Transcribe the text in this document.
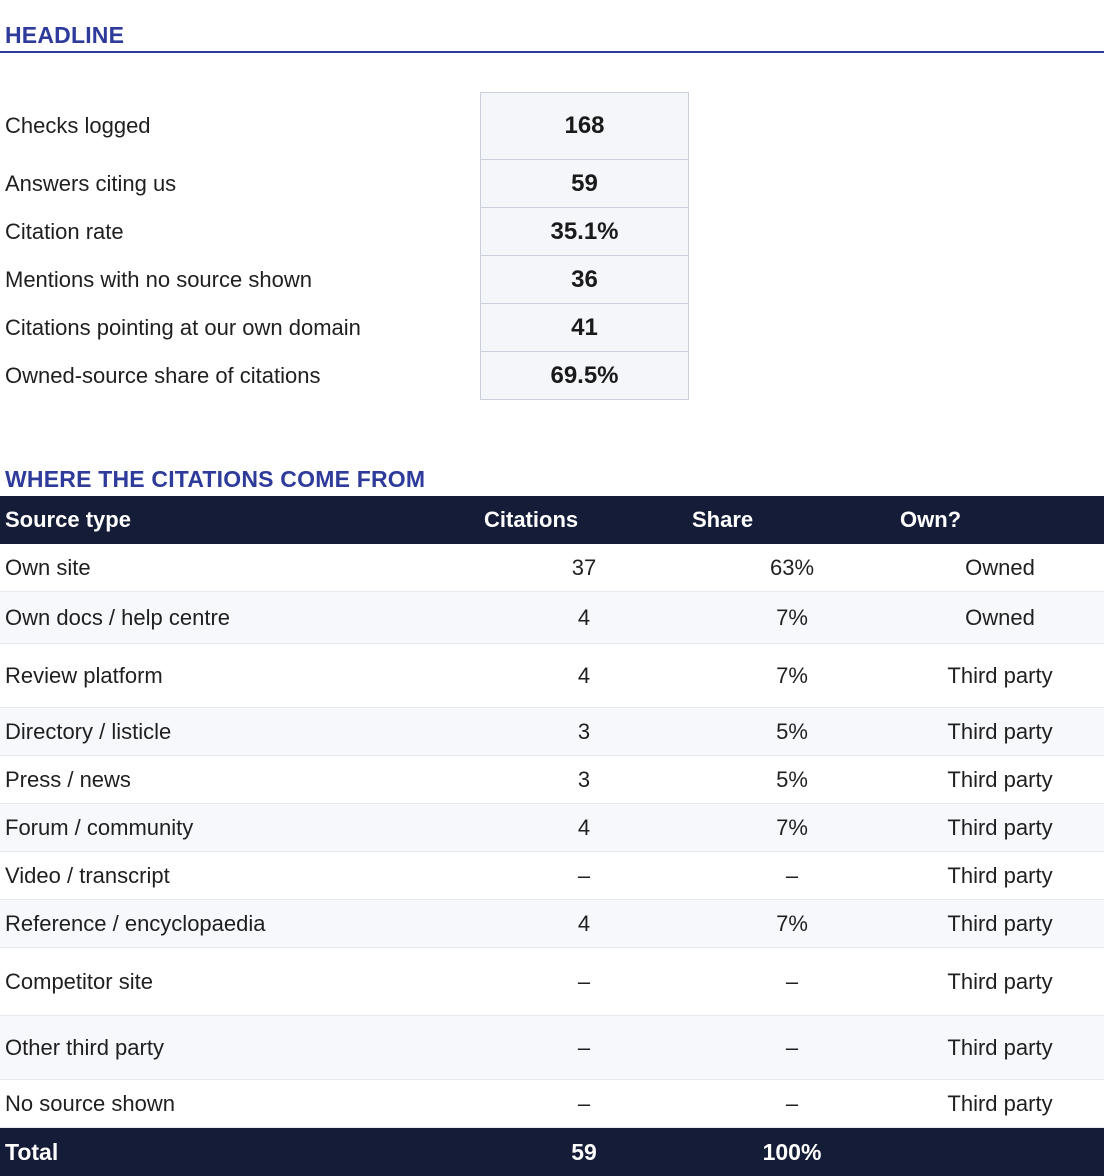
HEADLINE
Checks logged	168
Answers citing us	59
Citation rate	35.1%
Mentions with no source shown	36
Citations pointing at our own domain	41
Owned-source share of citations	69.5%
WHERE THE CITATIONS COME FROM
Source type	Citations	Share	Own?
Own site	37	63%	Owned
Own docs / help centre	4	7%	Owned
Review platform	4	7%	Third party
Directory / listicle	3	5%	Third party
Press / news	3	5%	Third party
Forum / community	4	7%	Third party
Video / transcript	–	–	Third party
Reference / encyclopaedia	4	7%	Third party
Competitor site	–	–	Third party
Other third party	–	–	Third party
No source shown	–	–	Third party
Total	59	100%
